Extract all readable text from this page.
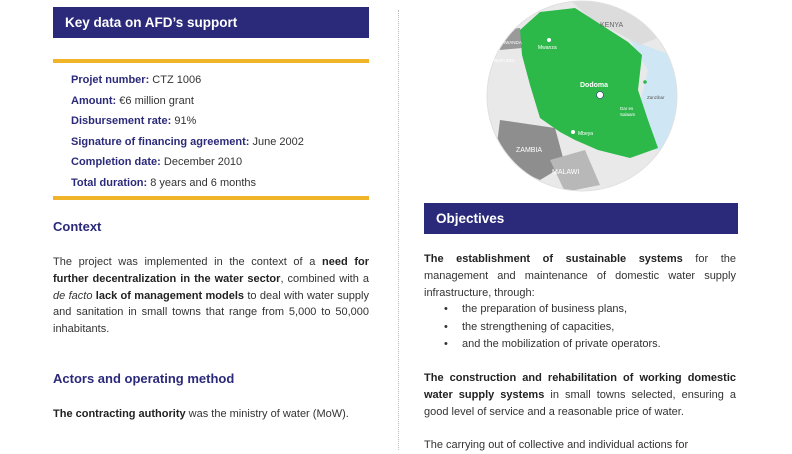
Key data on AFD’s support
Projet number: CTZ 1006
Amount: €6 million grant
Disbursement rate: 91%
Signature of financing agreement: June 2002
Completion date: December 2010
Total duration: 8 years and 6 months
Context
The project was implemented in the context of a need for further decentralization in the water sector, combined with a de facto lack of management models to deal with water supply and sanitation in small towns that range from 5,000 to 50,000 inhabitants.
Actors and operating method
The contracting authority was the ministry of water (MoW).
KENYA
RWANDA
BURUNDI
Mwanza
Dodoma
Zanzibar
Dar es
Salaam
Mbeya
ZAMBIA
MALAWI
Objectives
The establishment of sustainable systems for the management and maintenance of domestic water supply infrastructure, through:
• the preparation of business plans,
• the strengthening of capacities,
• and the mobilization of private operators.
The construction and rehabilitation of working domestic water supply systems in small towns selected, ensuring a good level of service and a reasonable price of water.
The carrying out of collective and individual actions for
